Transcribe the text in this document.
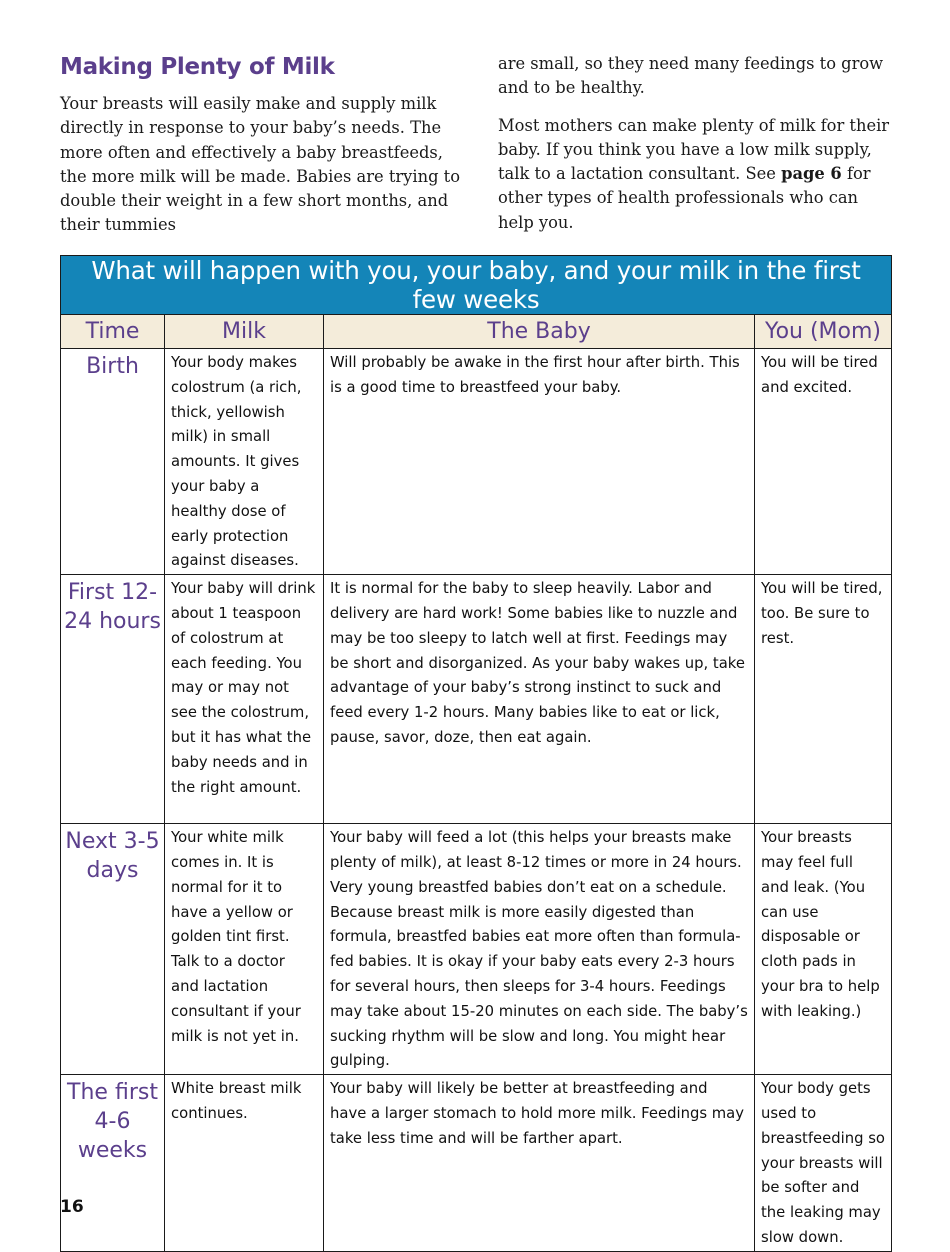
Making Plenty of Milk

Your breasts will easily make and supply milk directly in response to your baby’s needs. The more often and effectively a baby breastfeeds, the more milk will be made. Babies are trying to double their weight in a few short months, and their tummies

are small, so they need many feedings to grow and to be healthy.

Most mothers can make plenty of milk for their baby. If you think you have a low milk supply, talk to a lactation consultant. See page 6 for other types of health professionals who can help you.

What will happen with you, your baby, and your milk in the first few weeks			
Time	Milk	The Baby	You (Mom)
Birth	Your body makes colostrum (a rich, thick, yellowish milk) in small amounts. It gives your baby a healthy dose of early protection against diseases.	Will probably be awake in the first hour after birth. This is a good time to breastfeed your baby.	You will be tired and excited.
First 12-24 hours	Your baby will drink about 1 teaspoon of colostrum at each feeding. You may or may not see the colostrum, but it has what the baby needs and in the right amount.	It is normal for the baby to sleep heavily. Labor and delivery are hard work! Some babies like to nuzzle and may be too sleepy to latch well at first. Feedings may be short and disorganized. As your baby wakes up, take advantage of your baby’s strong instinct to suck and feed every 1-2 hours. Many babies like to eat or lick, pause, savor, doze, then eat again.	You will be tired, too. Be sure to rest.
Next 3-5 days	Your white milk comes in. It is normal for it to have a yellow or golden tint first. Talk to a doctor and lactation consultant if your milk is not yet in.	Your baby will feed a lot (this helps your breasts make plenty of milk), at least 8-12 times or more in 24 hours. Very young breastfed babies don’t eat on a schedule. Because breast milk is more easily digested than formula, breastfed babies eat more often than formula-fed babies. It is okay if your baby eats every 2-3 hours for several hours, then sleeps for 3-4 hours. Feedings may take about 15-20 minutes on each side. The baby’s sucking rhythm will be slow and long. You might hear gulping.	Your breasts may feel full and leak. (You can use disposable or cloth pads in your bra to help with leaking.)
The first 4-6 weeks	White breast milk continues.	Your baby will likely be better at breastfeeding and have a larger stomach to hold more milk. Feedings may take less time and will be farther apart.	Your body gets used to breastfeeding so your breasts will be softer and the leaking may slow down.
16
